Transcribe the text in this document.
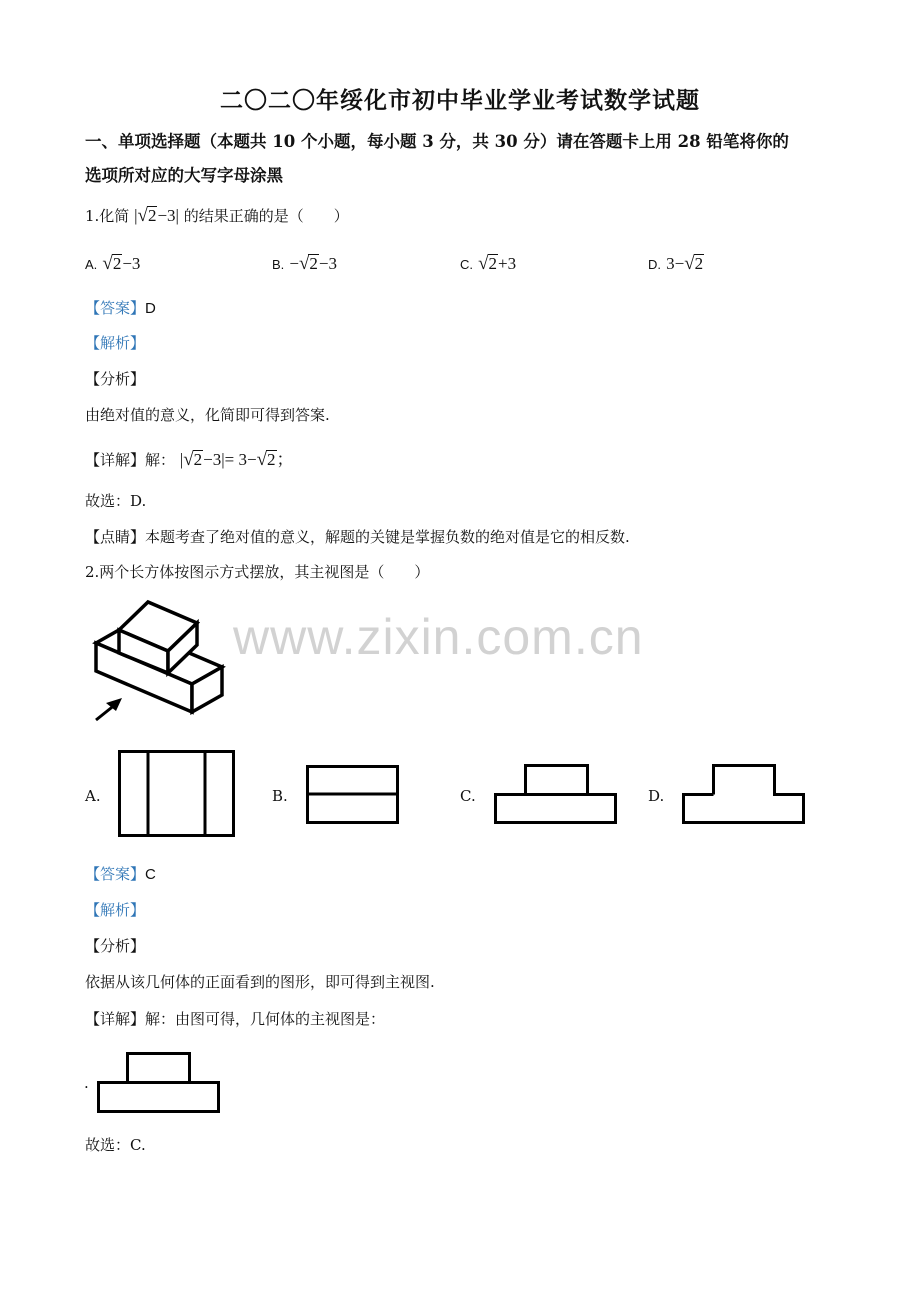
二〇二〇年绥化市初中毕业学业考试数学试题
一、单项选择题（本题共 10 个小题，每小题 3 分，共 30 分）请在答题卡上用 28 铅笔将你的
选项所对应的大写字母涂黑
1.化简 |√2−3| 的结果正确的是（　　）
A. √2−3	B. −√2−3	C. √2+3	D. 3−√2
【答案】D
【解析】
【分析】
由绝对值的意义，化简即可得到答案.
【详解】解： |√2−3|= 3−√2；
故选：D.
【点睛】本题考查了绝对值的意义，解题的关键是掌握负数的绝对值是它的相反数.
2.两个长方体按图示方式摆放，其主视图是（　　）
www.zixin.com.cn
A.	B.	C.	D.
【答案】C
【解析】
【分析】
依据从该几何体的正面看到的图形，即可得到主视图.
【详解】解：由图可得，几何体的主视图是：
.
故选：C.
